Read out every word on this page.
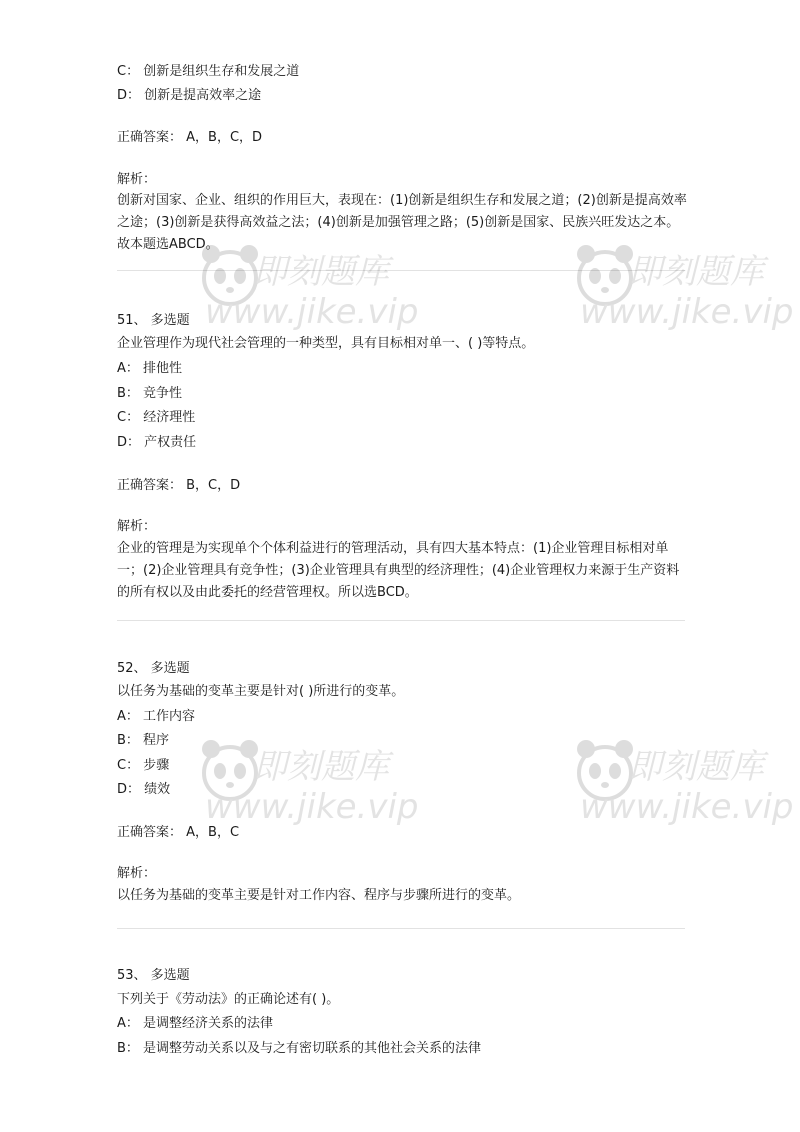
C： 创新是组织生存和发展之道
D： 创新是提高效率之途
正确答案： A，B，C，D
解析：
创新对国家、企业、组织的作用巨大，表现在：(1)创新是组织生存和发展之道；(2)创新是提高效率之途；(3)创新是获得高效益之法；(4)创新是加强管理之路；(5)创新是国家、民族兴旺发达之本。故本题选ABCD。
51、 多选题
企业管理作为现代社会管理的一种类型，具有目标相对单一、( )等特点。
A： 排他性
B： 竞争性
C： 经济理性
D： 产权责任
正确答案： B，C，D
解析：
企业的管理是为实现单个个体利益进行的管理活动，具有四大基本特点：(1)企业管理目标相对单一；(2)企业管理具有竞争性；(3)企业管理具有典型的经济理性；(4)企业管理权力来源于生产资料的所有权以及由此委托的经营管理权。所以选BCD。
52、 多选题
以任务为基础的变革主要是针对( )所进行的变革。
A： 工作内容
B： 程序
C： 步骤
D： 绩效
正确答案： A，B，C
解析：
以任务为基础的变革主要是针对工作内容、程序与步骤所进行的变革。
53、 多选题
下列关于《劳动法》的正确论述有( )。
A： 是调整经济关系的法律
B： 是调整劳动关系以及与之有密切联系的其他社会关系的法律
即刻题库
www.jike.vip
即刻题库
www.jike.vip
即刻题库
www.jike.vip
即刻题库
www.jike.vip
